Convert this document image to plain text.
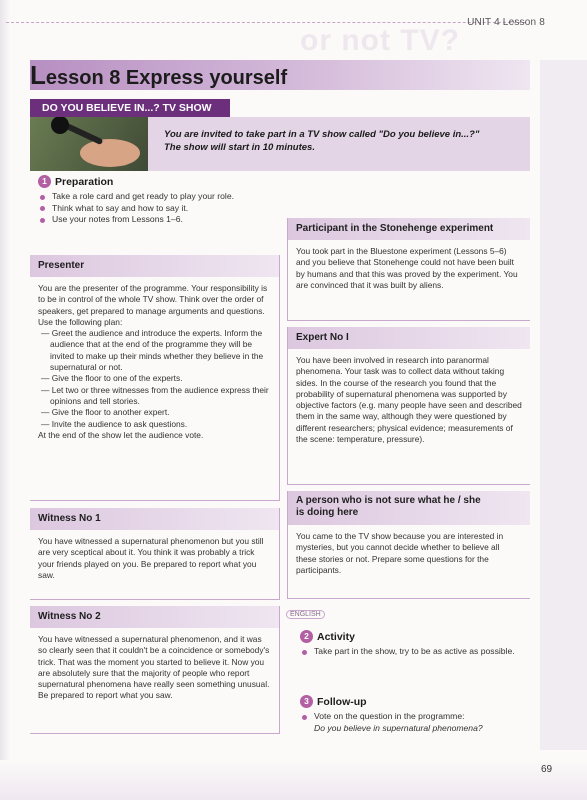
or not TV?
UNIT 4 Lesson 8
Lesson 8 Express yourself
DO YOU BELIEVE IN...? TV SHOW
You are invited to take part in a TV show called "Do you believe in...?"
The show will start in 10 minutes.
1 Preparation
Take a role card and get ready to play your role.
Think what to say and how to say it.
Use your notes from Lessons 1–6.
Presenter

You are the presenter of the programme. Your responsibility is to be in control of the whole TV show. Think over the order of speakers, get prepared to manage arguments and questions. Use the following plan:

— Greet the audience and introduce the experts. Inform the audience that at the end of the programme they will be invited to make up their minds whether they believe in the supernatural or not.

— Give the floor to one of the experts.

— Let two or three witnesses from the audience express their opinions and tell stories.

— Give the floor to another expert.

— Invite the audience to ask questions.

At the end of the show let the audience vote.

Witness No 1

You have witnessed a supernatural phenomenon but you still are very sceptical about it. You think it was probably a trick your friends played on you. Be prepared to report what you saw.

Witness No 2

You have witnessed a supernatural phenomenon, and it was so clearly seen that it couldn't be a coincidence or somebody's trick. That was the moment you started to believe it. Now you are absolutely sure that the majority of people who report supernatural phenomena have really seen something unusual. Be prepared to report what you saw.

Participant in the Stonehenge experiment

You took part in the Bluestone experiment (Lessons 5–6) and you believe that Stonehenge could not have been built by humans and that this was proved by the experiment. You are convinced that it was built by aliens.

Expert No I

You have been involved in research into paranormal phenomena. Your task was to collect data without taking sides. In the course of the research you found that the probability of supernatural phenomena was supported by objective factors (e.g. many people have seen and described them in the same way, although they were questioned by different researchers; physical evidence; measurements of the scene: temperature, pressure).

A person who is not sure what he / she
is doing here

You came to the TV show because you are interested in mysteries, but you cannot decide whether to believe all these stories or not. Prepare some questions for the participants.

ENGLISH
2 Activity
Take part in the show, try to be as active as possible.
3 Follow-up
Vote on the question in the programme:
Do you believe in supernatural phenomena?
69
